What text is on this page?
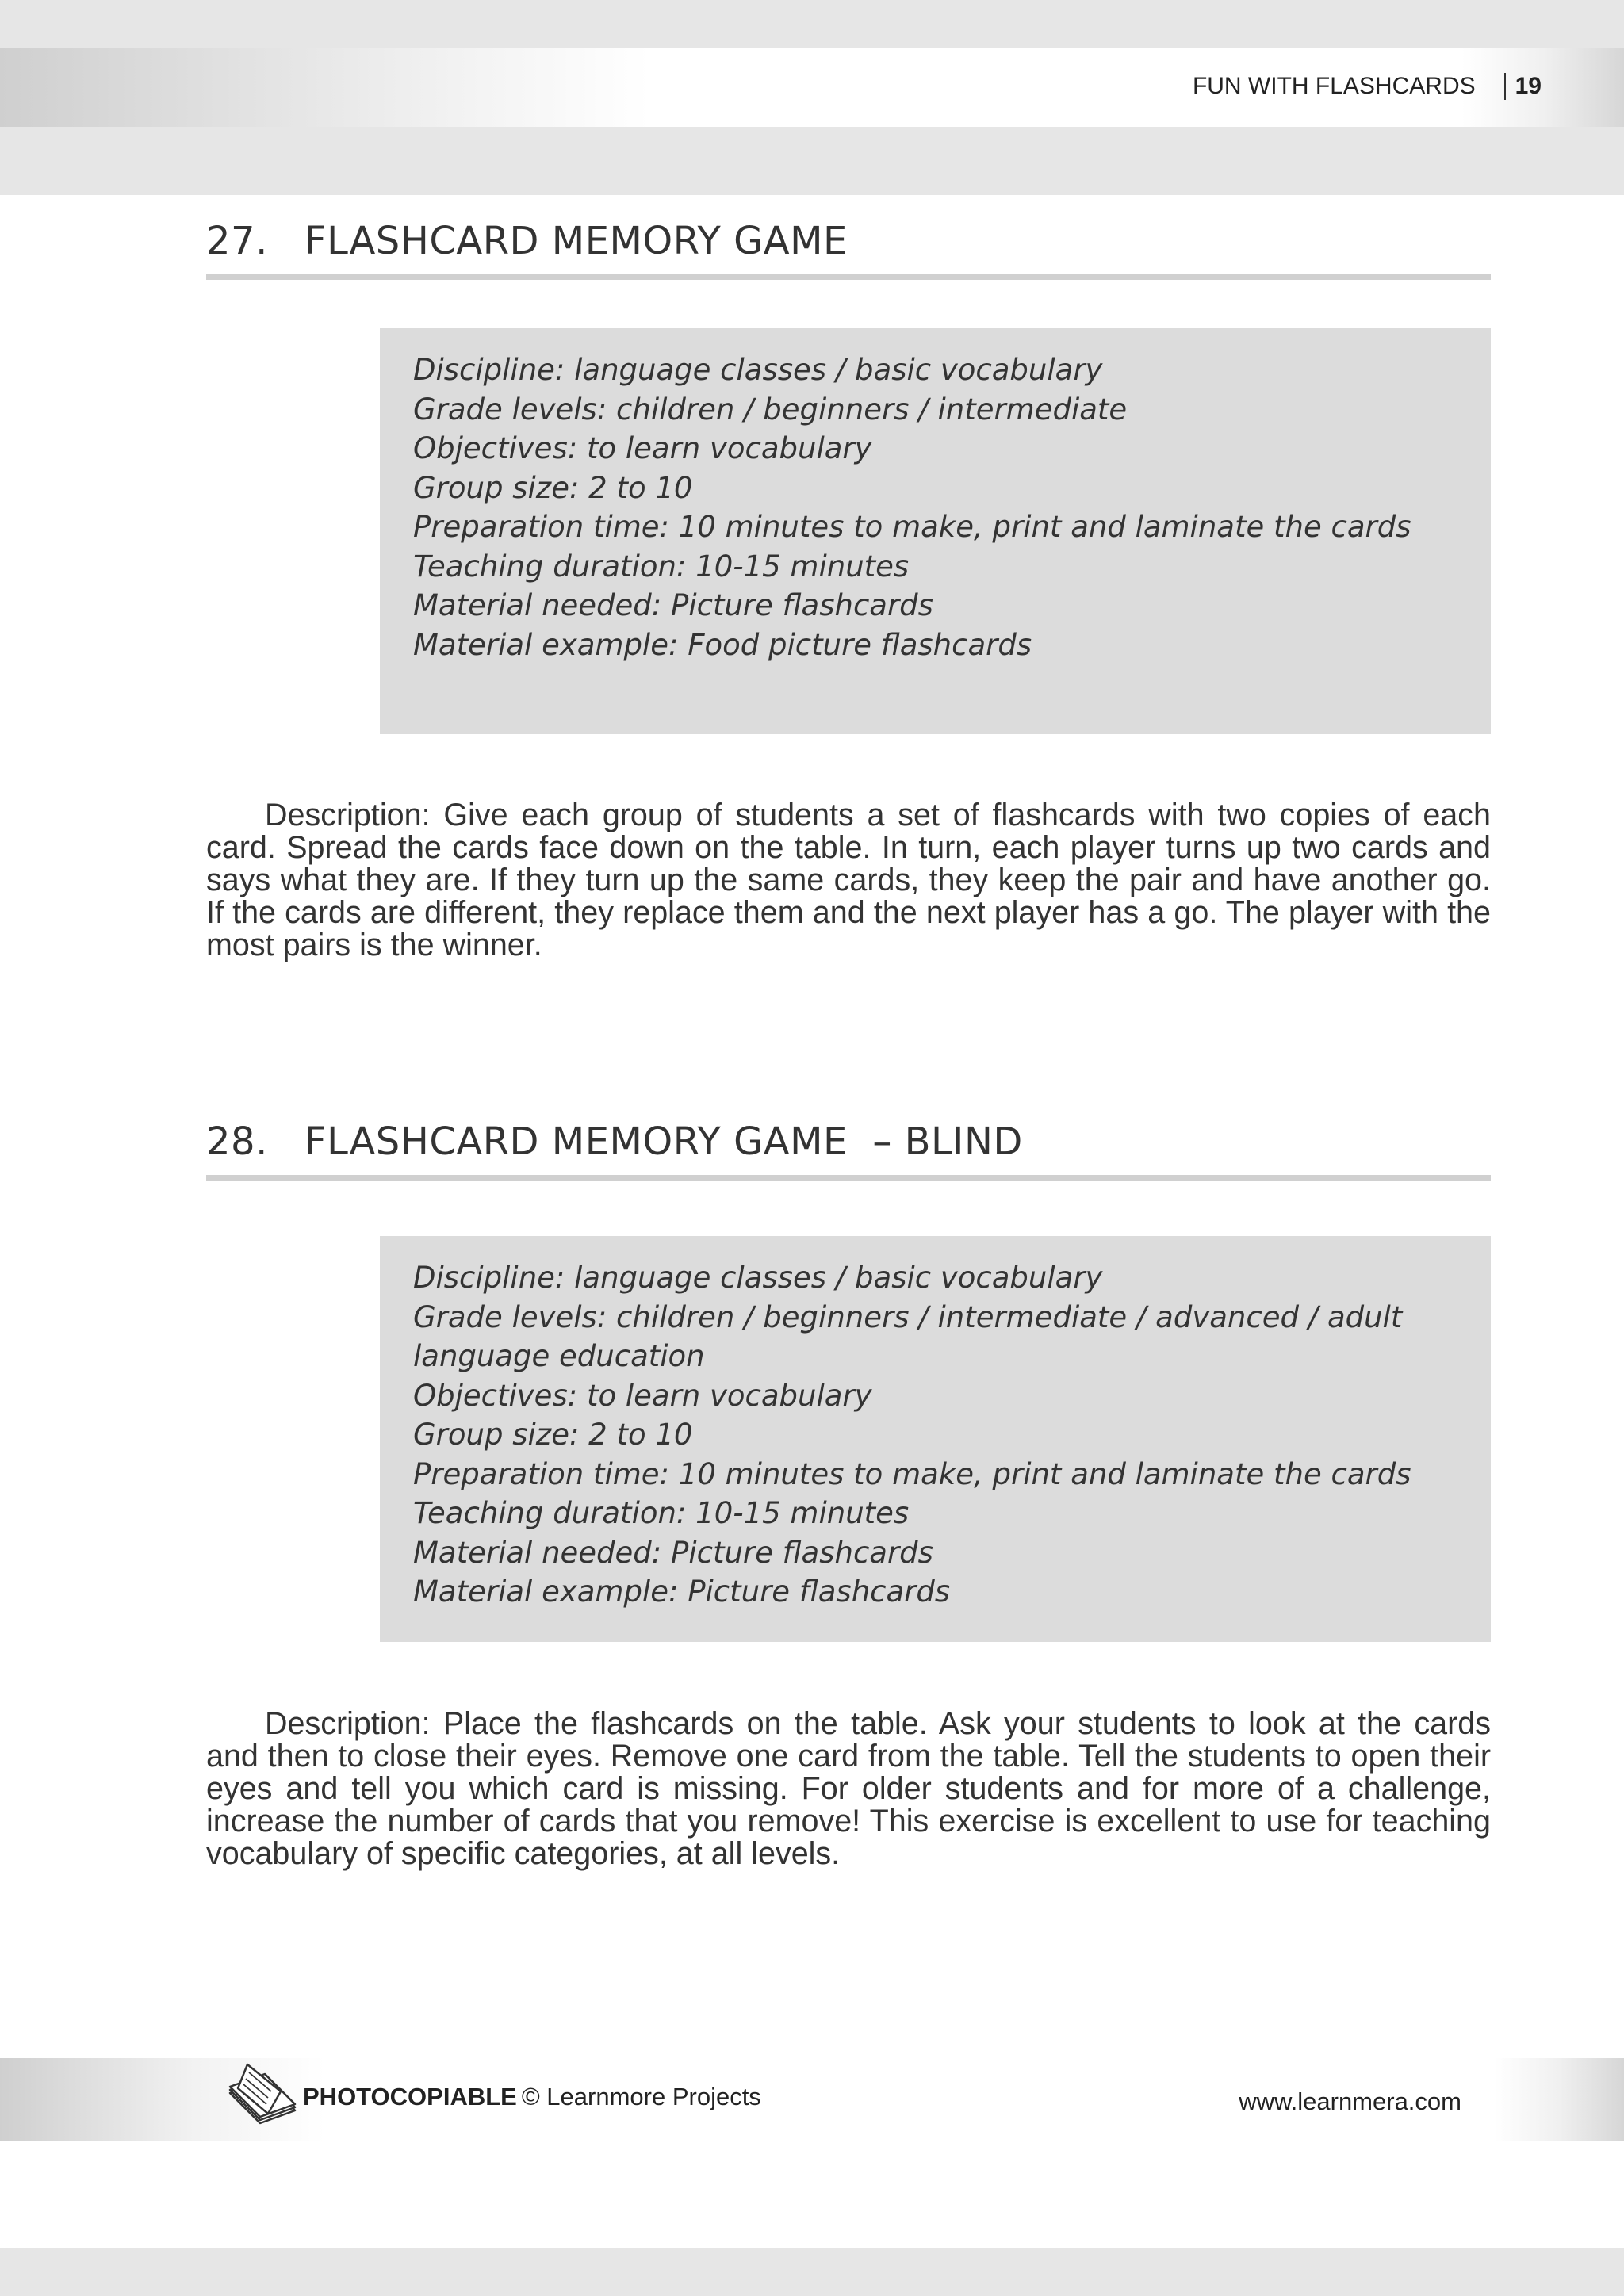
FUN WITH FLASHCARDS 19
27. FLASHCARD MEMORY GAME
Discipline: language classes / basic vocabulary
Grade levels: children / beginners / intermediate
Objectives: to learn vocabulary
Group size: 2 to 10
Preparation time: 10 minutes to make, print and laminate the cards
Teaching duration: 10-15 minutes
Material needed: Picture flashcards
Material example: Food picture flashcards
Description: Give each group of students a set of flashcards with two copies of each card. Spread the cards face down on the table. In turn, each player turns up two cards and says what they are. If they turn up the same cards, they keep the pair and have another go. If the cards are different, they replace them and the next player has a go. The player with the most pairs is the winner.
28. FLASHCARD MEMORY GAME  – BLIND
Discipline: language classes / basic vocabulary
Grade levels: children / beginners / intermediate / advanced / adult
language education
Objectives: to learn vocabulary
Group size: 2 to 10
Preparation time: 10 minutes to make, print and laminate the cards
Teaching duration: 10-15 minutes
Material needed: Picture flashcards
Material example: Picture flashcards
Description: Place the flashcards on the table. Ask your students to look at the cards and then to close their eyes. Remove one card from the table. Tell the students to open their eyes and tell you which card is missing. For older students and for more of a challenge, increase the number of cards that you remove! This exercise is excellent to use for teaching vocabulary of specific categories, at all levels.
PHOTOCOPIABLE © Learnmore Projects	www.learnmera.com
